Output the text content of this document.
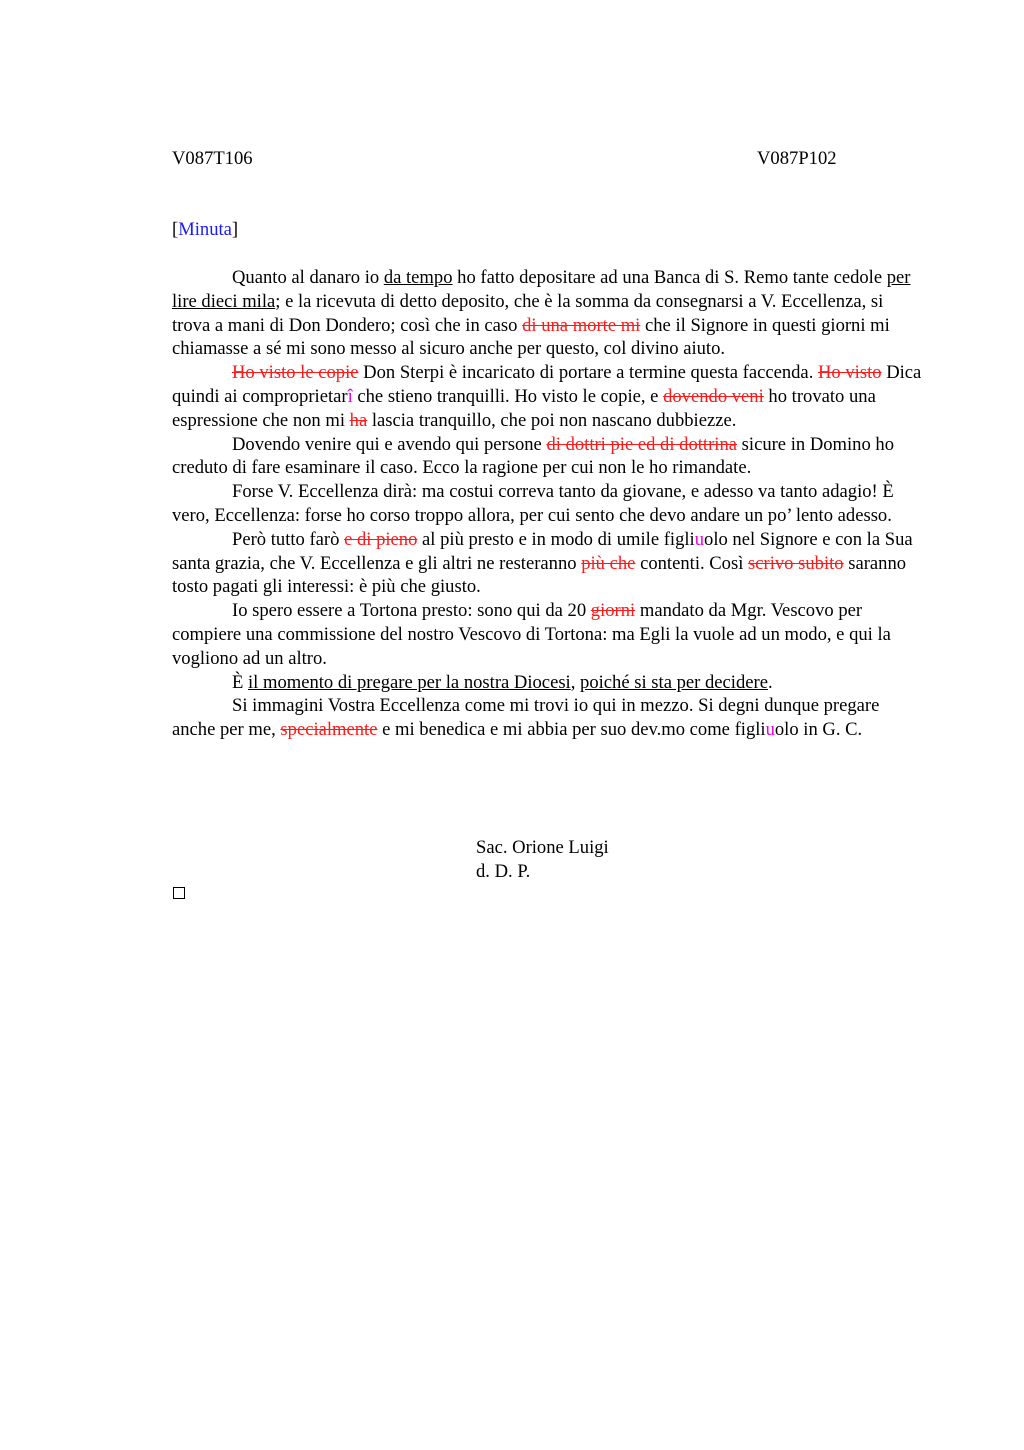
V087T106	V087P102
[Minuta]

Quanto al danaro io da tempo ho fatto depositare ad una Banca di S. Remo tante cedole per lire dieci mila; e la ricevuta di detto deposito, che è la somma da consegnarsi a V. Eccellenza, si trova a mani di Don Dondero; così che in caso di una morte mi che il Signore in questi giorni mi chiamasse a sé mi sono messo al sicuro anche per questo, col divino aiuto.

Ho visto le copie Don Sterpi è incaricato di portare a termine questa faccenda. Ho visto Dica quindi ai comproprietarî che stieno tranquilli. Ho visto le copie, e dovendo veni ho trovato una espressione che non mi ha lascia tranquillo, che poi non nascano dubbiezze.

Dovendo venire qui e avendo qui persone di dottri pie ed di dottrina sicure in Domino ho creduto di fare esaminare il caso. Ecco la ragione per cui non le ho rimandate.

Forse V. Eccellenza dirà: ma costui correva tanto da giovane, e adesso va tanto adagio! È vero, Eccellenza: forse ho corso troppo allora, per cui sento che devo andare un po’ lento adesso.

Però tutto farò e di pieno al più presto e in modo di umile figliuolo nel Signore e con la Sua santa grazia, che V. Eccellenza e gli altri ne resteranno più che contenti. Così scrivo subito saranno tosto pagati gli interessi: è più che giusto.

Io spero essere a Tortona presto: sono qui da 20 giorni mandato da Mgr. Vescovo per compiere una commissione del nostro Vescovo di Tortona: ma Egli la vuole ad un modo, e qui la vogliono ad un altro.

È il momento di pregare per la nostra Diocesi, poiché si sta per decidere.

Si immagini Vostra Eccellenza come mi trovi io qui in mezzo. Si degni dunque pregare anche per me, specialmente e mi benedica e mi abbia per suo dev.mo come figliuolo in G. C.

Sac. Orione Luigi
d. D. P.
